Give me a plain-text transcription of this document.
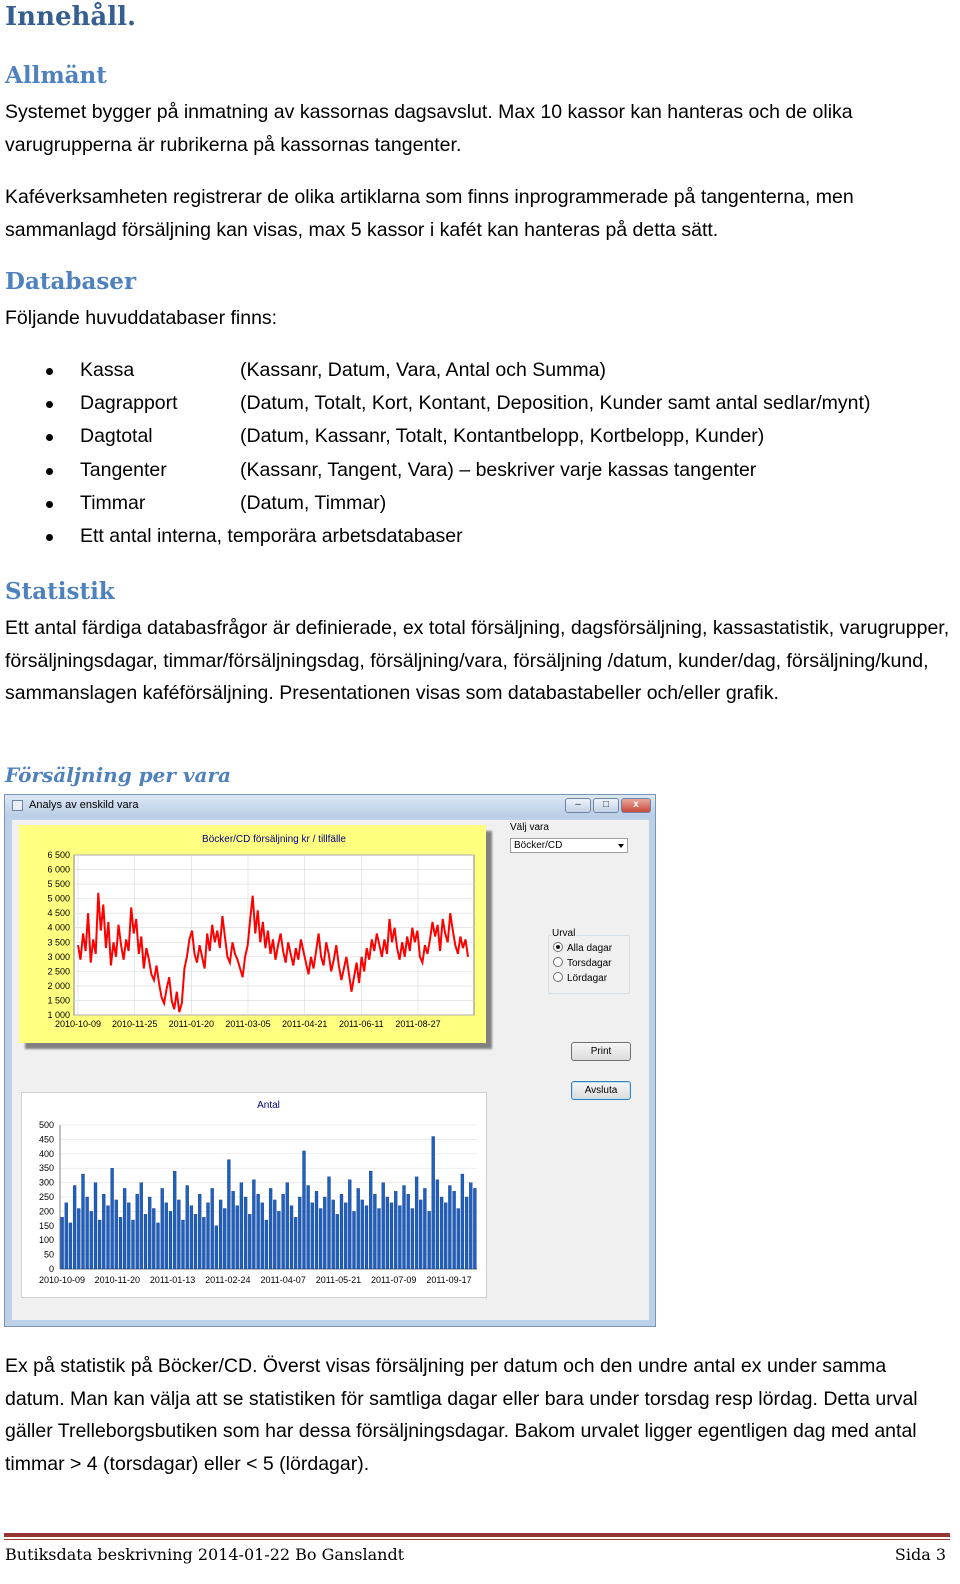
Innehåll.
Allmänt

Systemet bygger på inmatning av kassornas dagsavslut. Max 10 kassor kan hanteras och de olika varugrupperna är rubrikerna på kassornas tangenter.

Kaféverksamheten registrerar de olika artiklarna som finns inprogrammerade på tangenterna, men sammanlagd försäljning kan visas, max 5 kassor i kafét kan hanteras på detta sätt.

Databaser

Följande huvuddatabaser finns:

Kassa	(Kassanr, Datum, Vara, Antal och Summa)
Dagrapport	(Datum, Totalt, Kort, Kontant, Deposition, Kunder samt antal sedlar/mynt)
Dagtotal	(Datum, Kassanr, Totalt, Kontantbelopp, Kortbelopp, Kunder)
Tangenter	(Kassanr, Tangent, Vara) – beskriver varje kassas tangenter
Timmar	(Datum, Timmar)
Ett antal interna, temporära arbetsdatabaser
Statistik

Ett antal färdiga databasfrågor är definierade, ex total försäljning, dagsförsäljning, kassastatistik, varugrupper, försäljningsdagar, timmar/försäljningsdag, försäljning/vara, försäljning /datum, kunder/dag, försäljning/kund, sammanslagen kaféförsäljning. Presentationen visas som databastabeller och/eller grafik.

Försäljning per vara
Analys av enskild vara	–	□	x
Böcker/CD försäljning kr / tillfälle
6 500
6 000
5 500
5 000
4 500
4 000
3 500
3 000
2 500
2 000
1 500
1 000
2010-10-09 2010-11-25 2011-01-20 2011-03-05 2011-04-21 2011-06-11 2011-08-27
Antal
500
450
400
350
300
250
200
150
100
50
0
2010-10-09 2010-11-20 2011-01-13 2011-02-24 2011-04-07 2011-05-21 2011-07-09 2011-09-17
Välj vara
Böcker/CD
Urval
Alla dagar
Torsdagar
Lördagar
Print
Avsluta

Ex på statistik på Böcker/CD. Överst visas försäljning per datum och den undre antal ex under samma datum. Man kan välja att se statistiken för samtliga dagar eller bara under torsdag resp lördag. Detta urval gäller Trelleborgsbutiken som har dessa försäljningsdagar. Bakom urvalet ligger egentligen dag med antal timmar > 4 (torsdagar) eller < 5 (lördagar).

Butiksdata beskrivning 2014-01-22 Bo Ganslandt	Sida 3
